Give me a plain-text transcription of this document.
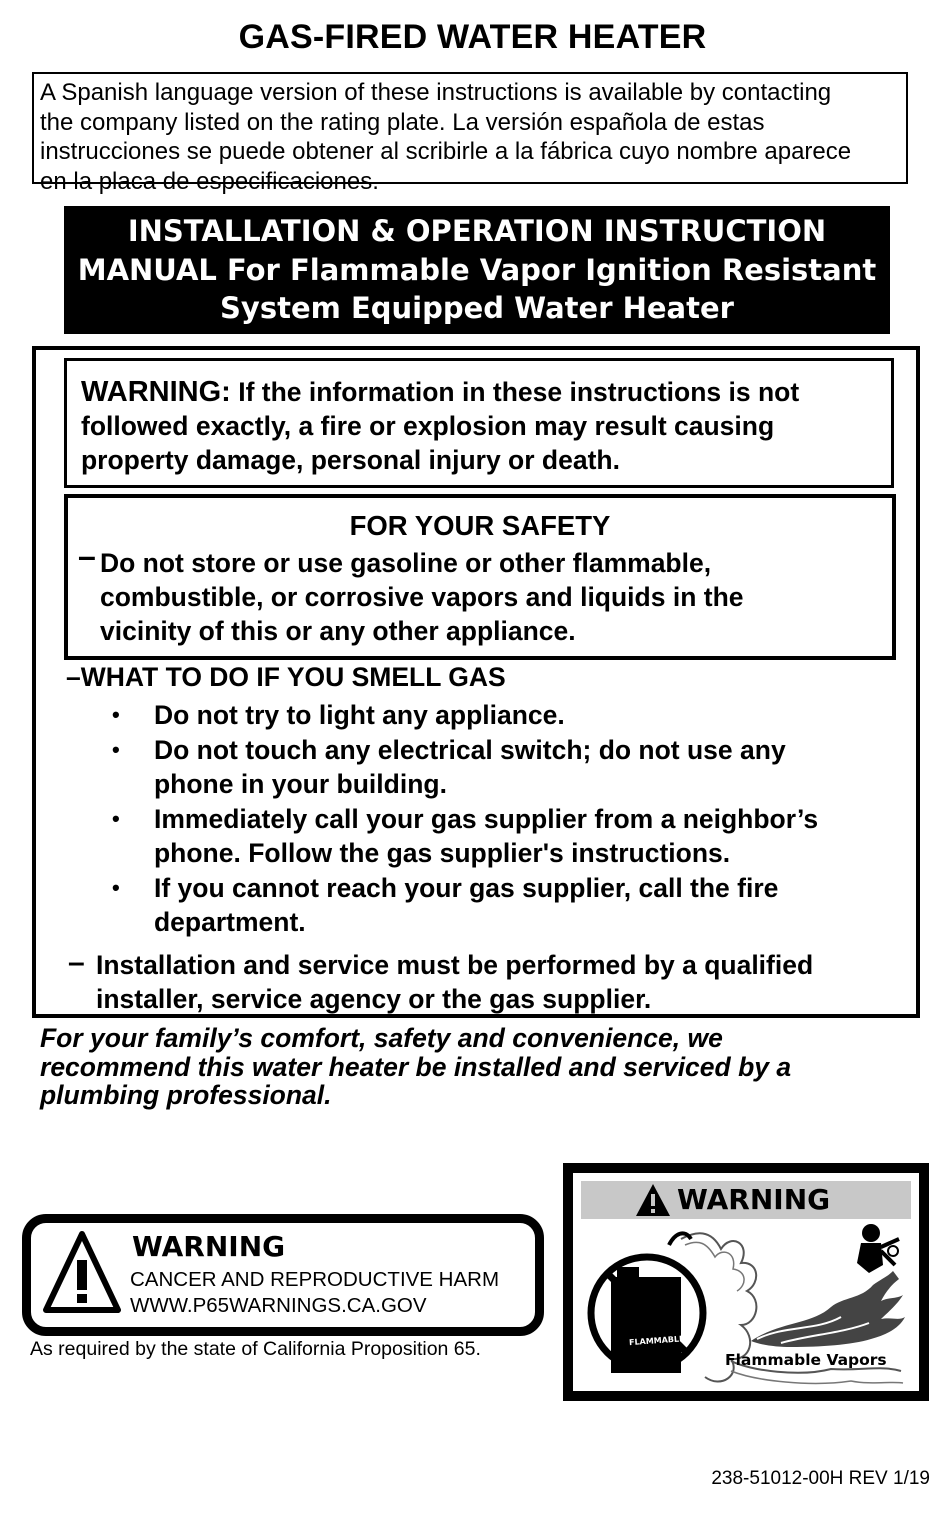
GAS-FIRED WATER HEATER
A Spanish language version of these instructions is available by contacting
the company listed on the rating plate. La versión española de estas
instrucciones se puede obtener al scribirle a la fábrica cuyo nombre aparece
en la placa de especificaciones.
INSTALLATION & OPERATION INSTRUCTION
MANUAL For Flammable Vapor Ignition Resistant
System Equipped Water Heater
WARNING: If the information in these instructions is not
followed exactly, a fire or explosion may result causing
property damage, personal injury or death.
FOR YOUR SAFETY
– Do not store or use gasoline or other flammable,
combustible, or corrosive vapors and liquids in the
vicinity of this or any other appliance.
–WHAT TO DO IF YOU SMELL GAS
• Do not try to light any appliance.
• Do not touch any electrical switch; do not use any
phone in your building.
• Immediately call your gas supplier from a neighbor’s
phone. Follow the gas supplier's instructions.
• If you cannot reach your gas supplier, call the fire
department.
– Installation and service must be performed by a qualified
installer, service agency or the gas supplier.
For your family’s comfort, safety and convenience, we
recommend this water heater be installed and serviced by a
plumbing professional.
WARNING
CANCER AND REPRODUCTIVE HARM
WWW.P65WARNINGS.CA.GOV
As required by the state of California Proposition 65.
WARNING
FLAMMABLES
Flammable Vapors
238-51012-00H REV 1/19
